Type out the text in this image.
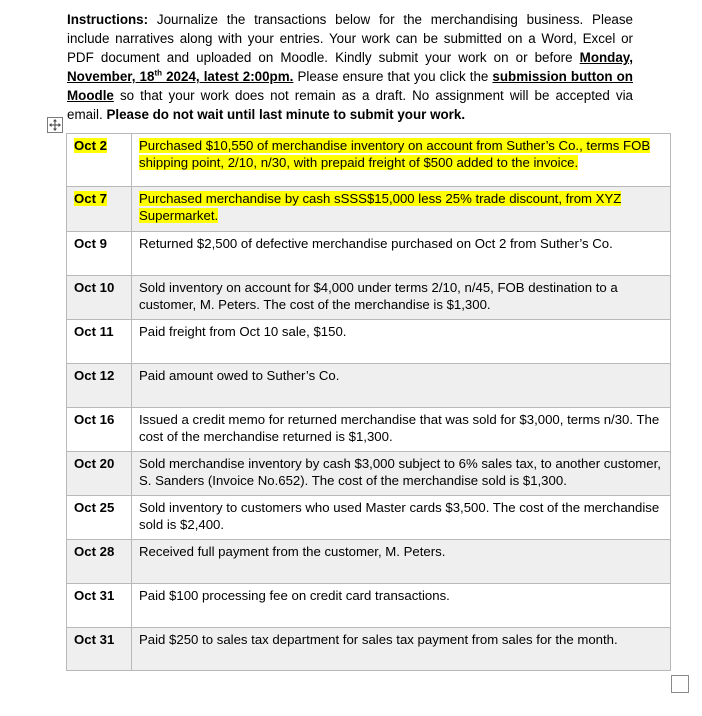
Instructions: Journalize the transactions below for the merchandising business. Please include narratives along with your entries. Your work can be submitted on a Word, Excel or PDF document and uploaded on Moodle. Kindly submit your work on or before Monday, November, 18th 2024, latest 2:00pm. Please ensure that you click the submission button on Moodle so that your work does not remain as a draft. No assignment will be accepted via email. Please do not wait until last minute to submit your work.

Oct 2	Purchased $10,550 of merchandise inventory on account from Suther’s Co., terms FOB shipping point, 2/10, n/30, with prepaid freight of $500 added to the invoice.
Oct 7	Purchased merchandise by cash sSSS$15,000 less 25% trade discount, from XYZ Supermarket.
Oct 9	Returned $2,500 of defective merchandise purchased on Oct 2 from Suther’s Co.
Oct 10	Sold inventory on account for $4,000 under terms 2/10, n/45, FOB destination to a customer, M. Peters. The cost of the merchandise is $1,300.
Oct 11	Paid freight from Oct 10 sale, $150.
Oct 12	Paid amount owed to Suther’s Co.
Oct 16	Issued a credit memo for returned merchandise that was sold for $3,000, terms n/30. The cost of the merchandise returned is $1,300.
Oct 20	Sold merchandise inventory by cash $3,000 subject to 6% sales tax, to another customer, S. Sanders (Invoice No.652). The cost of the merchandise sold is $1,300.
Oct 25	Sold inventory to customers who used Master cards $3,500. The cost of the merchandise sold is $2,400.
Oct 28	Received full payment from the customer, M. Peters.
Oct 31	Paid $100 processing fee on credit card transactions.
Oct 31	Paid $250 to sales tax department for sales tax payment from sales for the month.
